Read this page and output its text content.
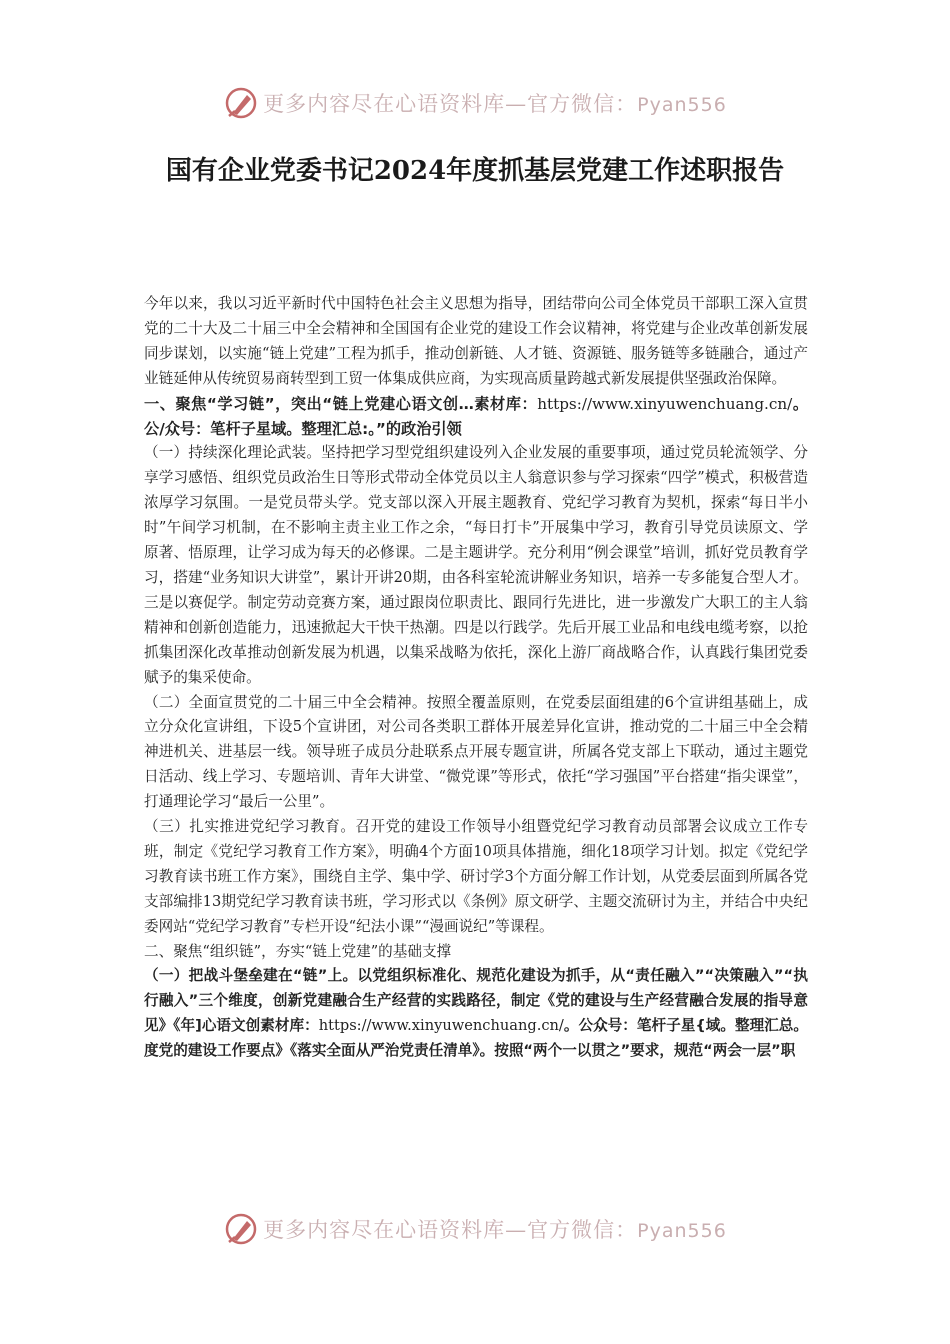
更多内容尽在心语资料库—官方微信：Pyan556
国有企业党委书记2024年度抓基层党建工作述职报告

今年以来，我以习近平新时代中国特色社会主义思想为指导，团结带向公司全体党员干部职工深入宣贯党的二十大及二十届三中全会精神和全国国有企业党的建设工作会议精神，将党建与企业改革创新发展同步谋划，以实施“链上党建”工程为抓手，推动创新链、人才链、资源链、服务链等多链融合，通过产业链延伸从传统贸易商转型到工贸一体集成供应商，为实现高质量跨越式新发展提供坚强政治保障。

一、聚焦“学习链”，突出“链上党建心语文创…素材库：https://www.xinyuwenchuang.cn/。公/众号：笔杆子星域。整理汇总:。”的政治引领

（一）持续深化理论武装。坚持把学习型党组织建设列入企业发展的重要事项，通过党员轮流领学、分享学习感悟、组织党员政治生日等形式带动全体党员以主人翁意识参与学习探索“四学”模式，积极营造浓厚学习氛围。一是党员带头学。党支部以深入开展主题教育、党纪学习教育为契机，探索“每日半小时”午间学习机制，在不影响主责主业工作之余，“每日打卡”开展集中学习，教育引导党员读原文、学原著、悟原理，让学习成为每天的必修课。二是主题讲学。充分利用“例会课堂”培训，抓好党员教育学习，搭建“业务知识大讲堂”，累计开讲20期，由各科室轮流讲解业务知识，培养一专多能复合型人才。三是以赛促学。制定劳动竞赛方案，通过跟岗位职责比、跟同行先进比，进一步激发广大职工的主人翁精神和创新创造能力，迅速掀起大干快干热潮。四是以行践学。先后开展工业品和电线电缆考察，以抢抓集团深化改革推动创新发展为机遇，以集采战略为依托，深化上游厂商战略合作，认真践行集团党委赋予的集采使命。

（二）全面宣贯党的二十届三中全会精神。按照全覆盖原则，在党委层面组建的6个宣讲组基础上，成立分众化宣讲组，下设5个宣讲团，对公司各类职工群体开展差异化宣讲，推动党的二十届三中全会精神进机关、进基层一线。领导班子成员分赴联系点开展专题宣讲，所属各党支部上下联动，通过主题党日活动、线上学习、专题培训、青年大讲堂、“微党课”等形式，依托“学习强国”平台搭建“指尖课堂”，打通理论学习“最后一公里”。

（三）扎实推进党纪学习教育。召开党的建设工作领导小组暨党纪学习教育动员部署会议成立工作专班，制定《党纪学习教育工作方案》，明确4个方面10项具体措施，细化18项学习计划。拟定《党纪学习教育读书班工作方案》，围绕自主学、集中学、研讨学3个方面分解工作计划，从党委层面到所属各党支部编排13期党纪学习教育读书班，学习形式以《条例》原文研学、主题交流研讨为主，并结合中央纪委网站“党纪学习教育”专栏开设“纪法小课”“漫画说纪”等课程。

二、聚焦“组织链”，夯实“链上党建”的基础支撑

（一）把战斗堡垒建在“链”上。以党组织标准化、规范化建设为抓手，从“责任融入”“决策融入”“执行融入”三个维度，创新党建融合生产经营的实践路径，制定《党的建设与生产经营融合发展的指导意见》《年]心语文创素材库：https://www.xinyuwenchuang.cn/。公众号：笔杆子星{域。整理汇总。度党的建设工作要点》《落实全面从严治党责任清单》。按照“两个一以贯之”要求，规范“两会一层”职

更多内容尽在心语资料库—官方微信：Pyan556
